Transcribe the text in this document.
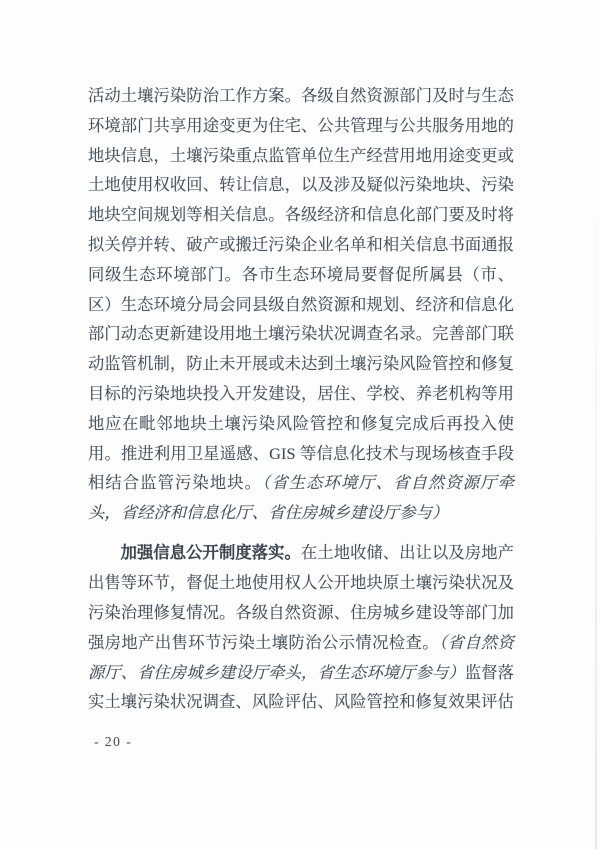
活动土壤污染防治工作方案。各级自然资源部门及时与生态环境部门共享用途变更为住宅、公共管理与公共服务用地的地块信息，土壤污染重点监管单位生产经营用地用途变更或土地使用权收回、转让信息，以及涉及疑似污染地块、污染地块空间规划等相关信息。各级经济和信息化部门要及时将拟关停并转、破产或搬迁污染企业名单和相关信息书面通报同级生态环境部门。各市生态环境局要督促所属县（市、区）生态环境分局会同县级自然资源和规划、经济和信息化部门动态更新建设用地土壤污染状况调查名录。完善部门联动监管机制，防止未开展或未达到土壤污染风险管控和修复目标的污染地块投入开发建设，居住、学校、养老机构等用地应在毗邻地块土壤污染风险管控和修复完成后再投入使用。推进利用卫星遥感、GIS 等信息化技术与现场核查手段相结合监管污染地块。（省生态环境厅、省自然资源厅牵头，省经济和信息化厅、省住房城乡建设厅参与）

加强信息公开制度落实。在土地收储、出让以及房地产出售等环节，督促土地使用权人公开地块原土壤污染状况及污染治理修复情况。各级自然资源、住房城乡建设等部门加强房地产出售环节污染土壤防治公示情况检查。（省自然资源厅、省住房城乡建设厅牵头，省生态环境厅参与）监督落实土壤污染状况调查、风险评估、风险管控和修复效果评估

- 20 -
